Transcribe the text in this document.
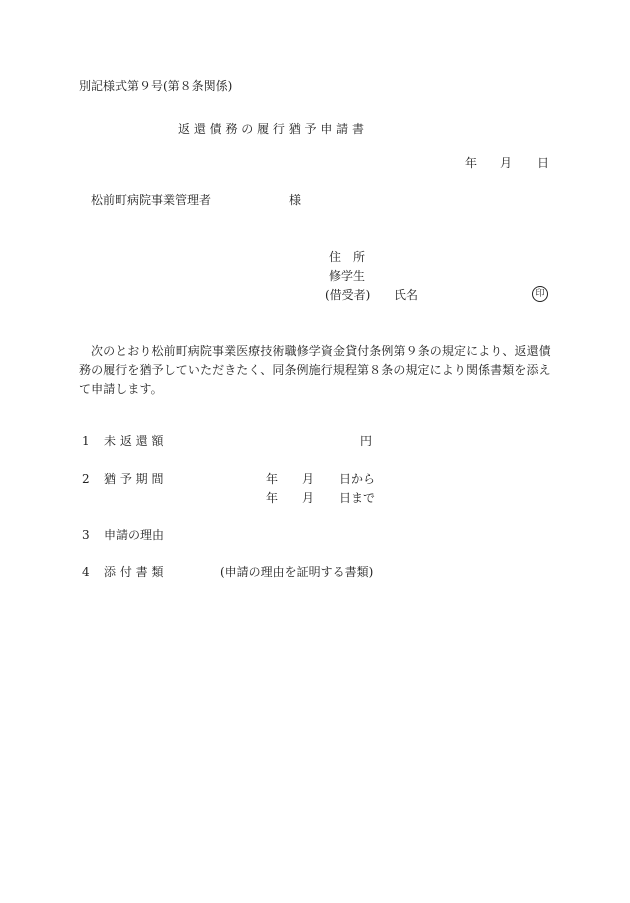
別記様式第９号(第８条関係)
返 還 債 務 の 履 行 猶 予 申 請 書
年 月 日
松前町病院事業管理者	様
住　所
修学生
(借受者) 氏名	印
次のとおり松前町病院事業医療技術職修学資金貸付条例第９条の規定により、返還債務の履行を猶予していただきたく、同条例施行規程第８条の規定により関係書類を添えて申請します。
1 未 返 還 額	円
2 猶 予 期 間	年 月 日から
年 月 日まで
3 申請の理由
4 添 付 書 類	(申請の理由を証明する書類)
